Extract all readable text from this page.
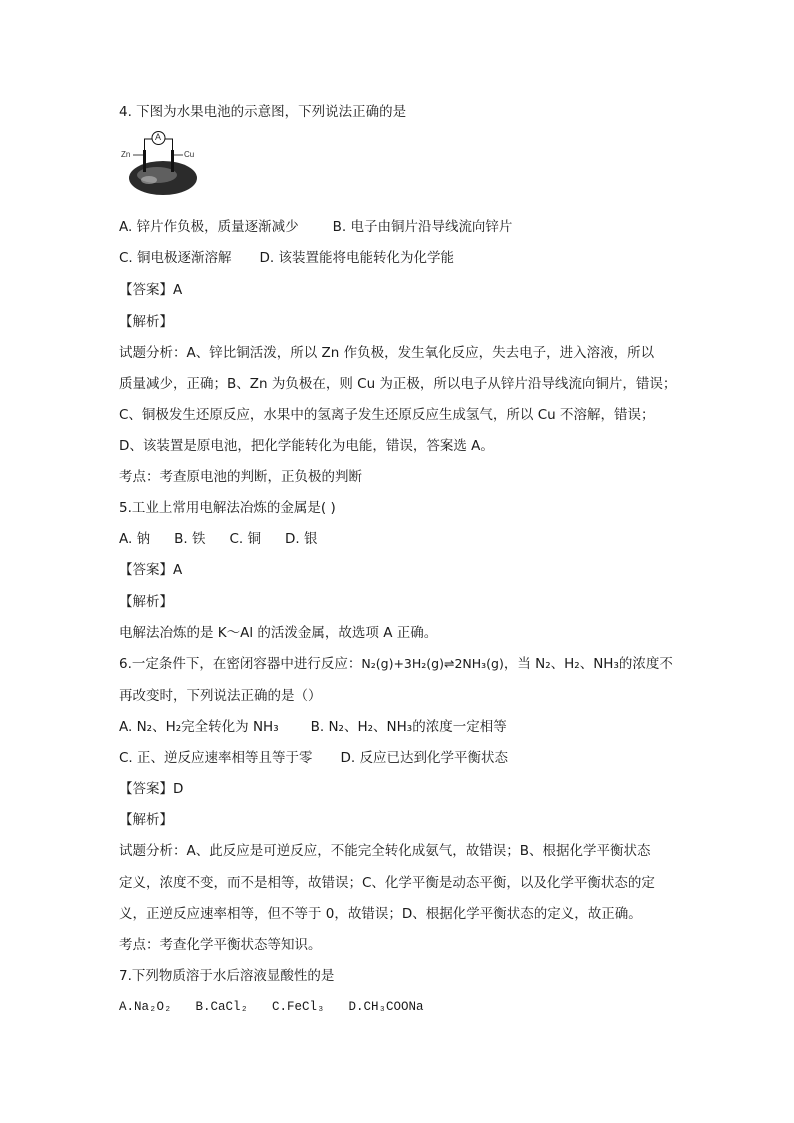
4. 下图为水果电池的示意图，下列说法正确的是
A
Zn	Cu
A. 锌片作负极，质量逐渐减少	B. 电子由铜片沿导线流向锌片
C. 铜电极逐渐溶解 D. 该装置能将电能转化为化学能
【答案】A
【解析】
试题分析：A、锌比铜活泼，所以 Zn 作负极，发生氧化反应，失去电子，进入溶液，所以
质量减少，正确；B、Zn 为负极在，则 Cu 为正极，所以电子从锌片沿导线流向铜片，错误；
C、铜极发生还原反应，水果中的氢离子发生还原反应生成氢气，所以 Cu 不溶解，错误；
D、该装置是原电池，把化学能转化为电能，错误，答案选 A。
考点：考查原电池的判断，正负极的判断
5.工业上常用电解法冶炼的金属是( )
A. 钠 B. 铁 C. 铜 D. 银
【答案】A
【解析】
电解法冶炼的是 K～Al 的活泼金属，故选项 A 正确。
6.一定条件下，在密闭容器中进行反应：N₂(g)+3H₂(g)⇌2NH₃(g)，当 N₂、H₂、NH₃的浓度不
再改变时，下列说法正确的是（）
A. N₂、H₂完全转化为 NH₃ B. N₂、H₂、NH₃的浓度一定相等
C. 正、逆反应速率相等且等于零 D. 反应已达到化学平衡状态
【答案】D
【解析】
试题分析：A、此反应是可逆反应，不能完全转化成氨气，故错误；B、根据化学平衡状态
定义，浓度不变，而不是相等，故错误；C、化学平衡是动态平衡，以及化学平衡状态的定
义，正逆反应速率相等，但不等于 0，故错误；D、根据化学平衡状态的定义，故正确。
考点：考查化学平衡状态等知识。
7.下列物质溶于水后溶液显酸性的是
A.Na₂O₂ B.CaCl₂ C.FeCl₃ D.CH₃COONa
